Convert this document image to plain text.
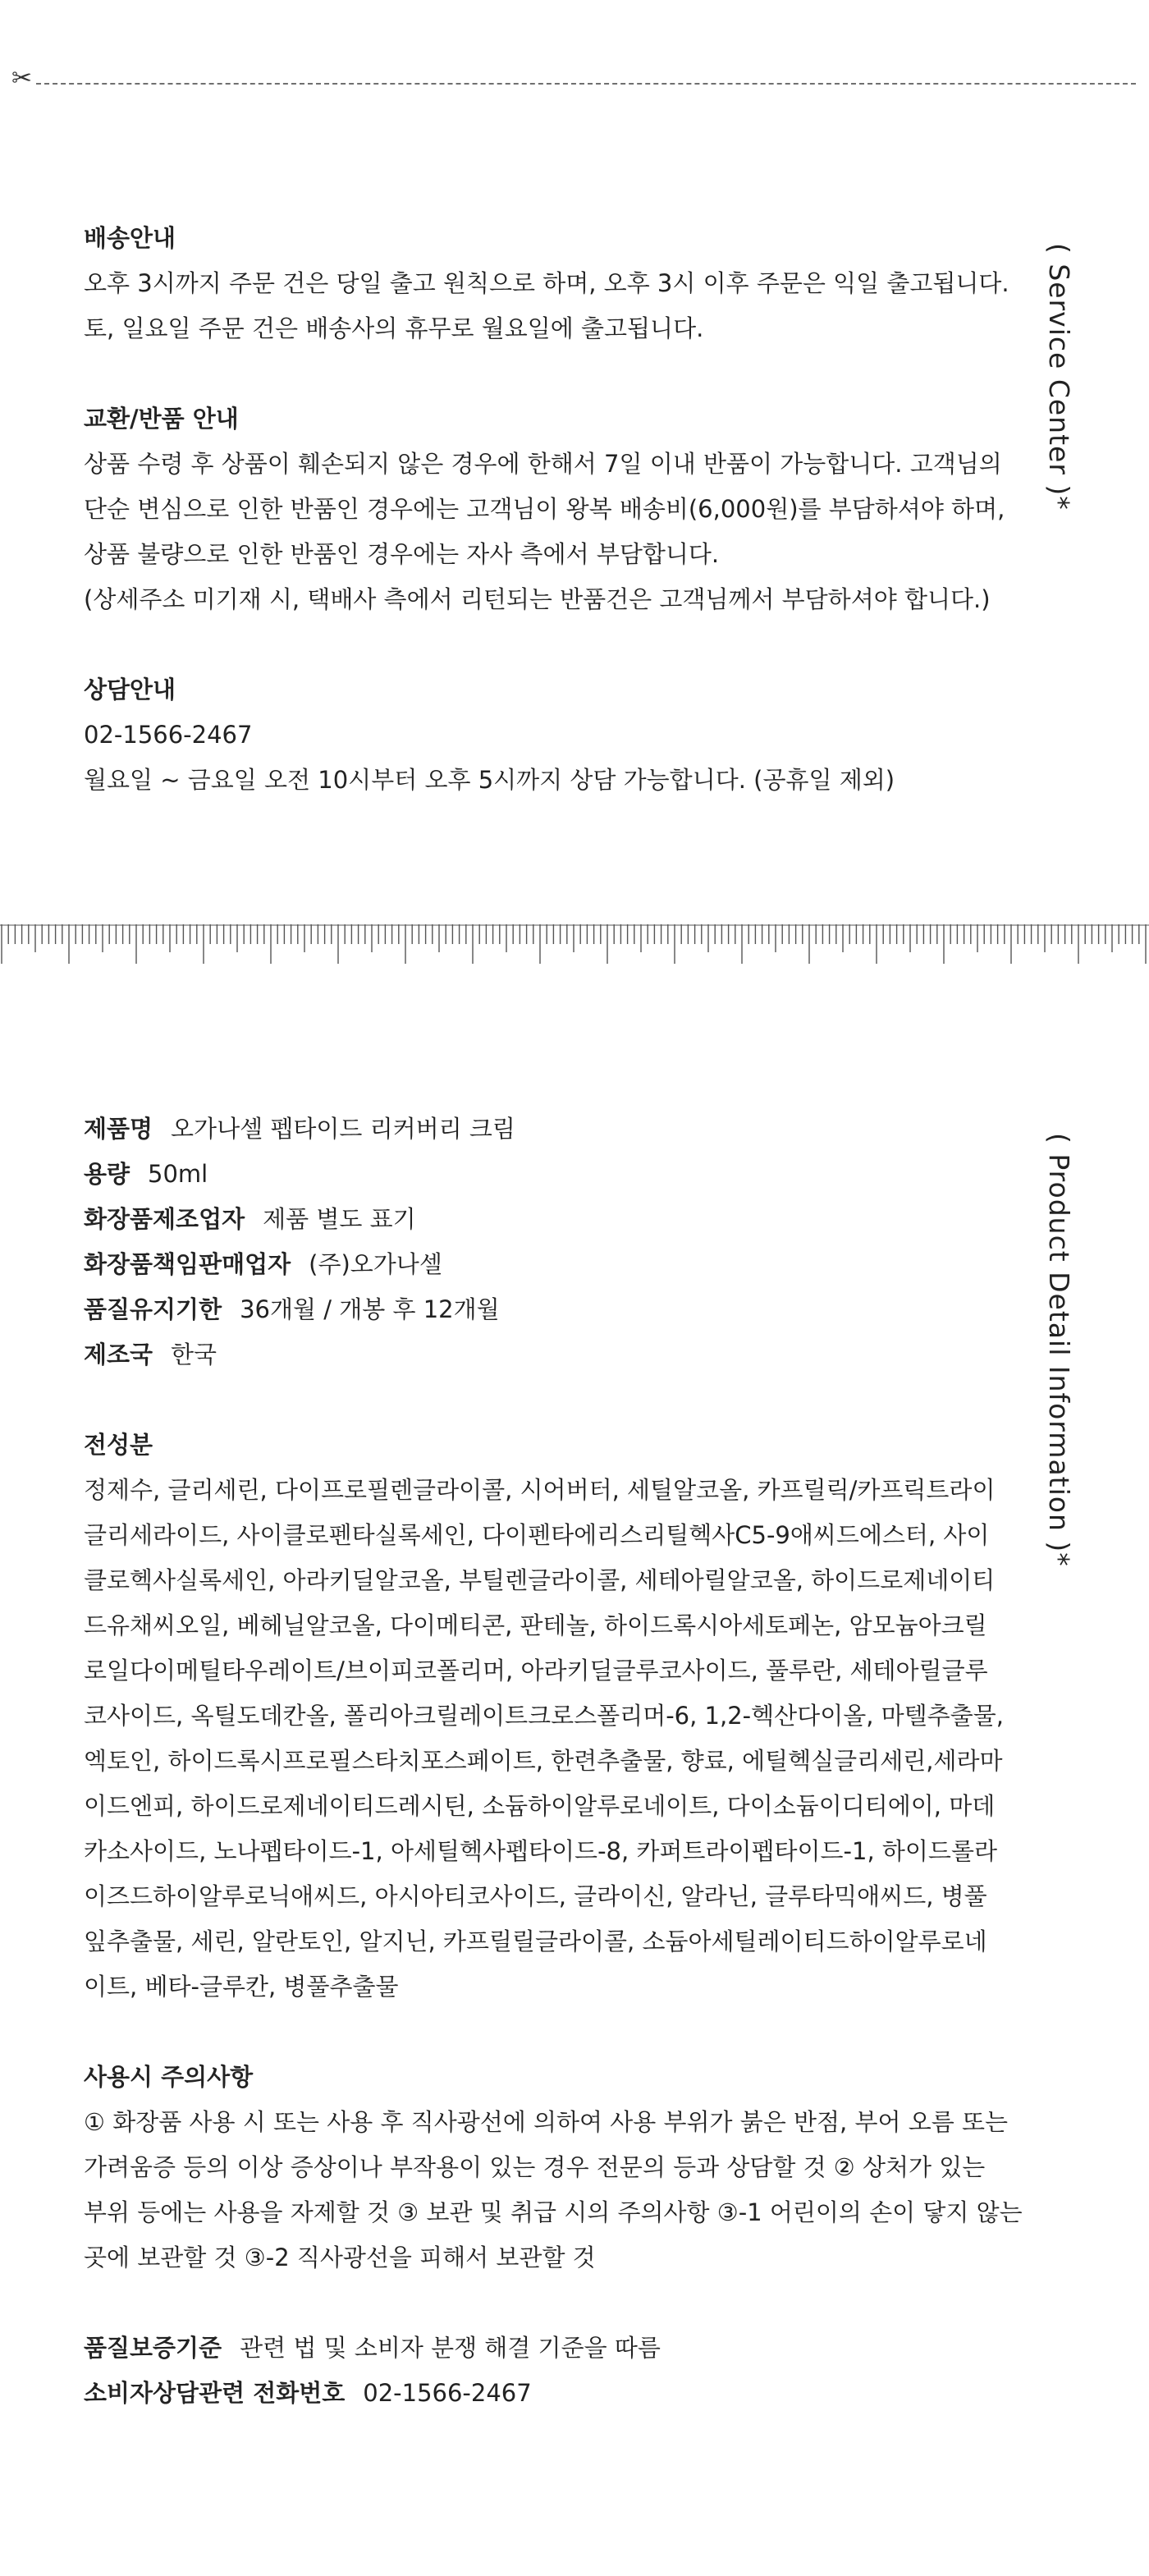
✂

배송안내

오후 3시까지 주문 건은 당일 출고 원칙으로 하며, 오후 3시 이후 주문은 익일 출고됩니다.

토, 일요일 주문 건은 배송사의 휴무로 월요일에 출고됩니다.

교환/반품 안내

상품 수령 후 상품이 훼손되지 않은 경우에 한해서 7일 이내 반품이 가능합니다. 고객님의

단순 변심으로 인한 반품인 경우에는 고객님이 왕복 배송비(6,000원)를 부담하셔야 하며,

상품 불량으로 인한 반품인 경우에는 자사 측에서 부담합니다.

(상세주소 미기재 시, 택배사 측에서 리턴되는 반품건은 고객님께서 부담하셔야 합니다.)

상담안내

02-1566-2467

월요일 ~ 금요일 오전 10시부터 오후 5시까지 상담 가능합니다. (공휴일 제외)

( Service Center )*
제품명 오가나셀 펩타이드 리커버리 크림
용량 50ml
화장품제조업자 제품 별도 표기
화장품책임판매업자 (주)오가나셀
품질유지기한 36개월 / 개봉 후 12개월
제조국 한국

전성분

정제수, 글리세린, 다이프로필렌글라이콜, 시어버터, 세틸알코올, 카프릴릭/카프릭트라이

글리세라이드, 사이클로펜타실록세인, 다이펜타에리스리틸헥사C5-9애씨드에스터, 사이

클로헥사실록세인, 아라키딜알코올, 부틸렌글라이콜, 세테아릴알코올, 하이드로제네이티

드유채씨오일, 베헤닐알코올, 다이메티콘, 판테놀, 하이드록시아세토페논, 암모늄아크릴

로일다이메틸타우레이트/브이피코폴리머, 아라키딜글루코사이드, 풀루란, 세테아릴글루

코사이드, 옥틸도데칸올, 폴리아크릴레이트크로스폴리머-6, 1,2-헥산다이올, 마텔추출물,

엑토인, 하이드록시프로필스타치포스페이트, 한련추출물, 향료, 에틸헥실글리세린,세라마

이드엔피, 하이드로제네이티드레시틴, 소듐하이알루로네이트, 다이소듐이디티에이, 마데

카소사이드, 노나펩타이드-1, 아세틸헥사펩타이드-8, 카퍼트라이펩타이드-1, 하이드롤라

이즈드하이알루로닉애씨드, 아시아티코사이드, 글라이신, 알라닌, 글루타믹애씨드, 병풀

잎추출물, 세린, 알란토인, 알지닌, 카프릴릴글라이콜, 소듐아세틸레이티드하이알루로네

이트, 베타-글루칸, 병풀추출물

사용시 주의사항

① 화장품 사용 시 또는 사용 후 직사광선에 의하여 사용 부위가 붉은 반점, 부어 오름 또는

가려움증 등의 이상 증상이나 부작용이 있는 경우 전문의 등과 상담할 것 ② 상처가 있는

부위 등에는 사용을 자제할 것 ③ 보관 및 취급 시의 주의사항 ③-1 어린이의 손이 닿지 않는

곳에 보관할 것 ③-2 직사광선을 피해서 보관할 것

품질보증기준 관련 법 및 소비자 분쟁 해결 기준을 따름
소비자상담관련 전화번호 02-1566-2467
( Product Detail Information )*
